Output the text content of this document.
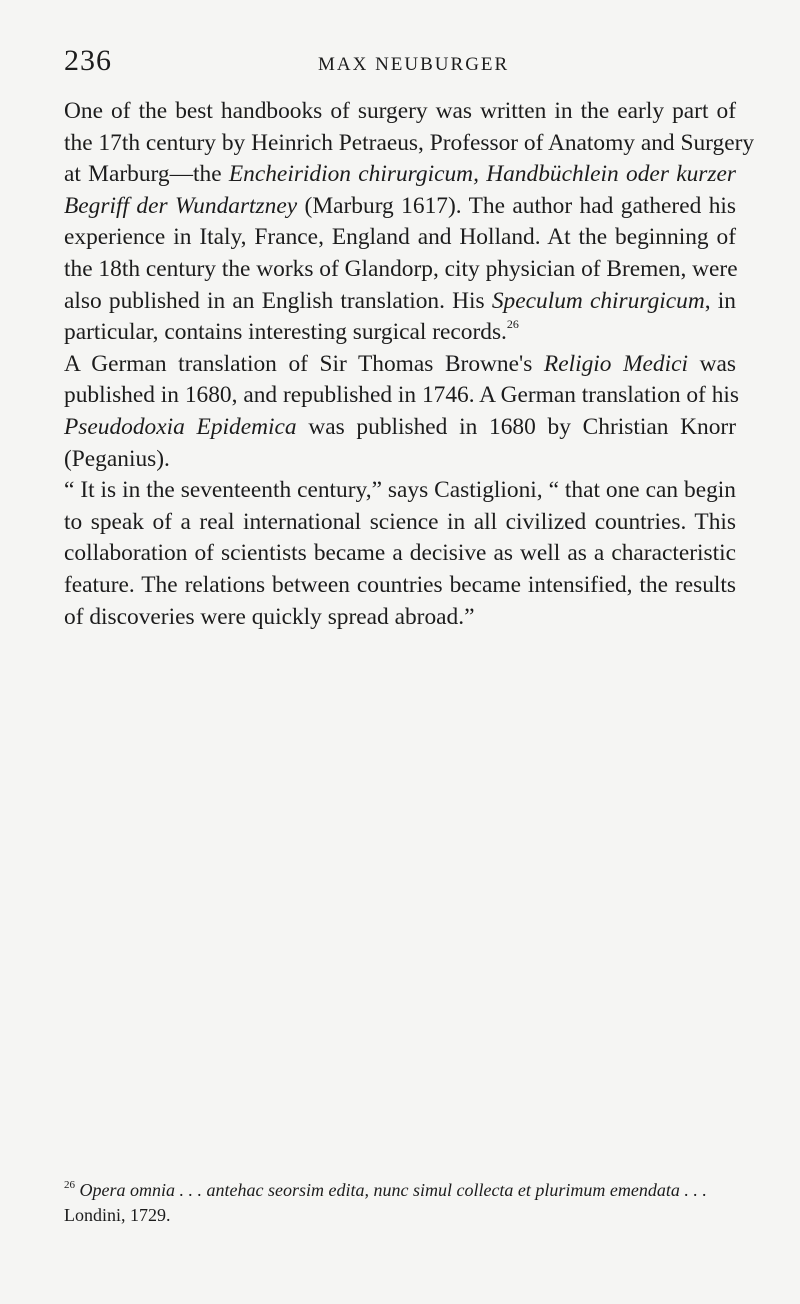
236	MAX NEUBURGER
One of the best handbooks of surgery was written in the early part of
the 17th century by Heinrich Petraeus, Professor of Anatomy and Surgery
at Marburg—the Encheiridion chirurgicum, Handbüchlein oder kurzer
Begriff der Wundartzney (Marburg 1617). The author had gathered his
experience in Italy, France, England and Holland. At the beginning of
the 18th century the works of Glandorp, city physician of Bremen, were
also published in an English translation. His Speculum chirurgicum, in
particular, contains interesting surgical records.$^{26}$
A German translation of Sir Thomas Browne's Religio Medici was
published in 1680, and republished in 1746. A German translation of his
Pseudodoxia Epidemica was published in 1680 by Christian Knorr
(Peganius).
“ It is in the seventeenth century,” says Castiglioni, “ that one can begin
to speak of a real international science in all civilized countries. This
collaboration of scientists became a decisive as well as a characteristic
feature. The relations between countries became intensified, the results
of discoveries were quickly spread abroad.”
$^{26}$ Opera omnia . . . antehac seorsim edita, nunc simul collecta et plurimum emendata . . .
Londini, 1729.
